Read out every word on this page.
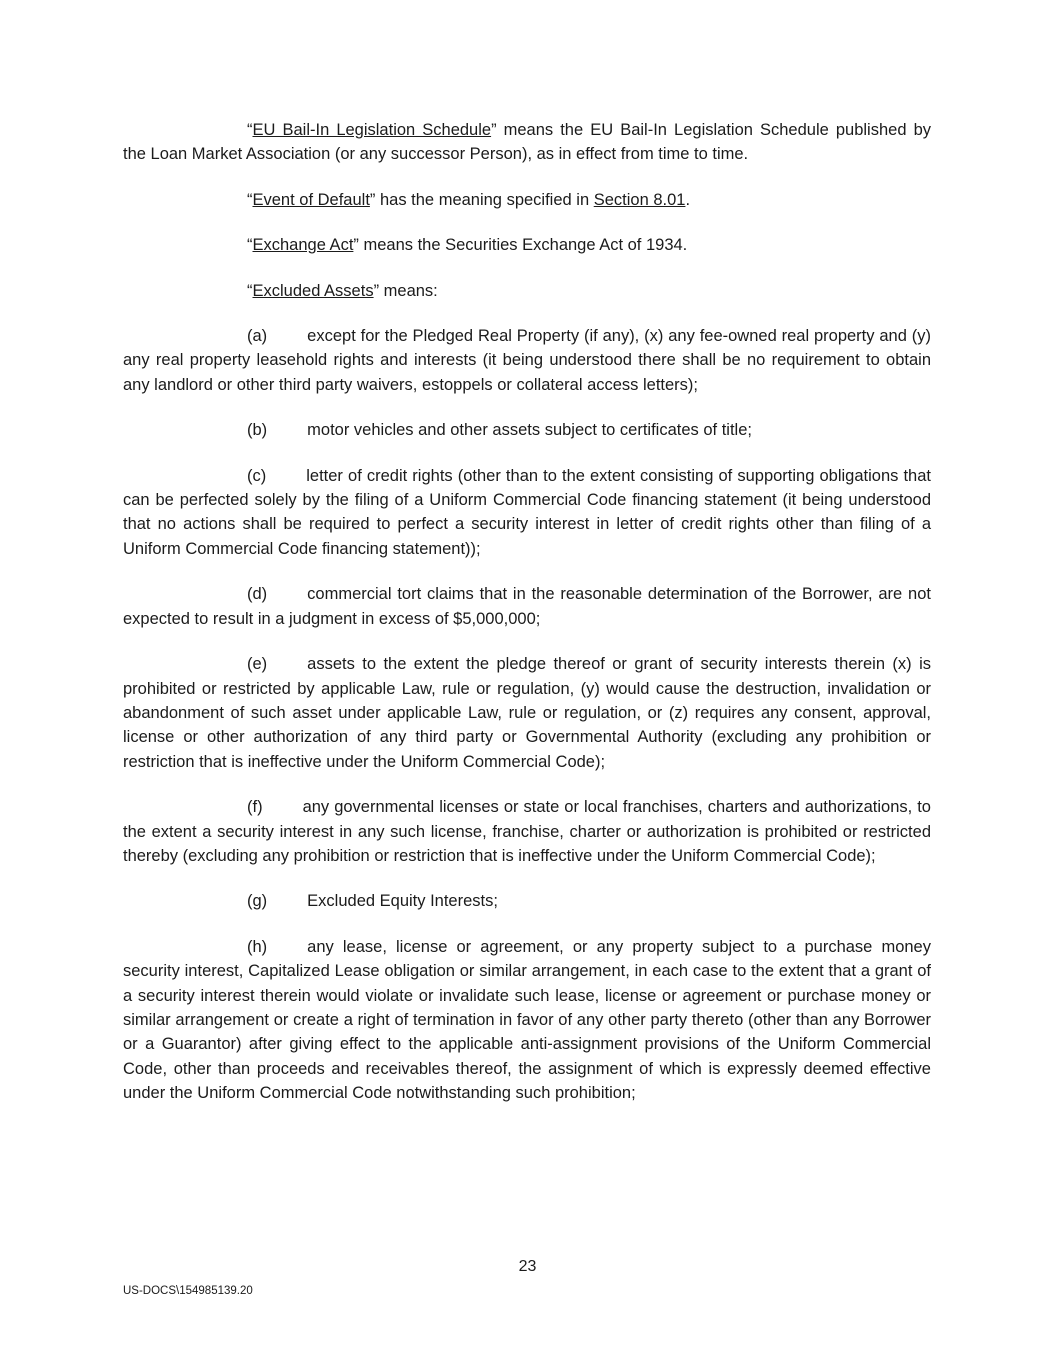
“EU Bail-In Legislation Schedule” means the EU Bail-In Legislation Schedule published by the Loan Market Association (or any successor Person), as in effect from time to time.

“Event of Default” has the meaning specified in Section 8.01.

“Exchange Act” means the Securities Exchange Act of 1934.

“Excluded Assets” means:

(a) except for the Pledged Real Property (if any), (x) any fee-owned real property and (y) any real property leasehold rights and interests (it being understood there shall be no requirement to obtain any landlord or other third party waivers, estoppels or collateral access letters);

(b) motor vehicles and other assets subject to certificates of title;

(c) letter of credit rights (other than to the extent consisting of supporting obligations that can be perfected solely by the filing of a Uniform Commercial Code financing statement (it being understood that no actions shall be required to perfect a security interest in letter of credit rights other than filing of a Uniform Commercial Code financing statement));

(d) commercial tort claims that in the reasonable determination of the Borrower, are not expected to result in a judgment in excess of $5,000,000;

(e) assets to the extent the pledge thereof or grant of security interests therein (x) is prohibited or restricted by applicable Law, rule or regulation, (y) would cause the destruction, invalidation or abandonment of such asset under applicable Law, rule or regulation, or (z) requires any consent, approval, license or other authorization of any third party or Governmental Authority (excluding any prohibition or restriction that is ineffective under the Uniform Commercial Code);

(f) any governmental licenses or state or local franchises, charters and authorizations, to the extent a security interest in any such license, franchise, charter or authorization is prohibited or restricted thereby (excluding any prohibition or restriction that is ineffective under the Uniform Commercial Code);

(g) Excluded Equity Interests;

(h) any lease, license or agreement, or any property subject to a purchase money security interest, Capitalized Lease obligation or similar arrangement, in each case to the extent that a grant of a security interest therein would violate or invalidate such lease, license or agreement or purchase money or similar arrangement or create a right of termination in favor of any other party thereto (other than any Borrower or a Guarantor) after giving effect to the applicable anti-assignment provisions of the Uniform Commercial Code, other than proceeds and receivables thereof, the assignment of which is expressly deemed effective under the Uniform Commercial Code notwithstanding such prohibition;

23
US-DOCS\154985139.20
